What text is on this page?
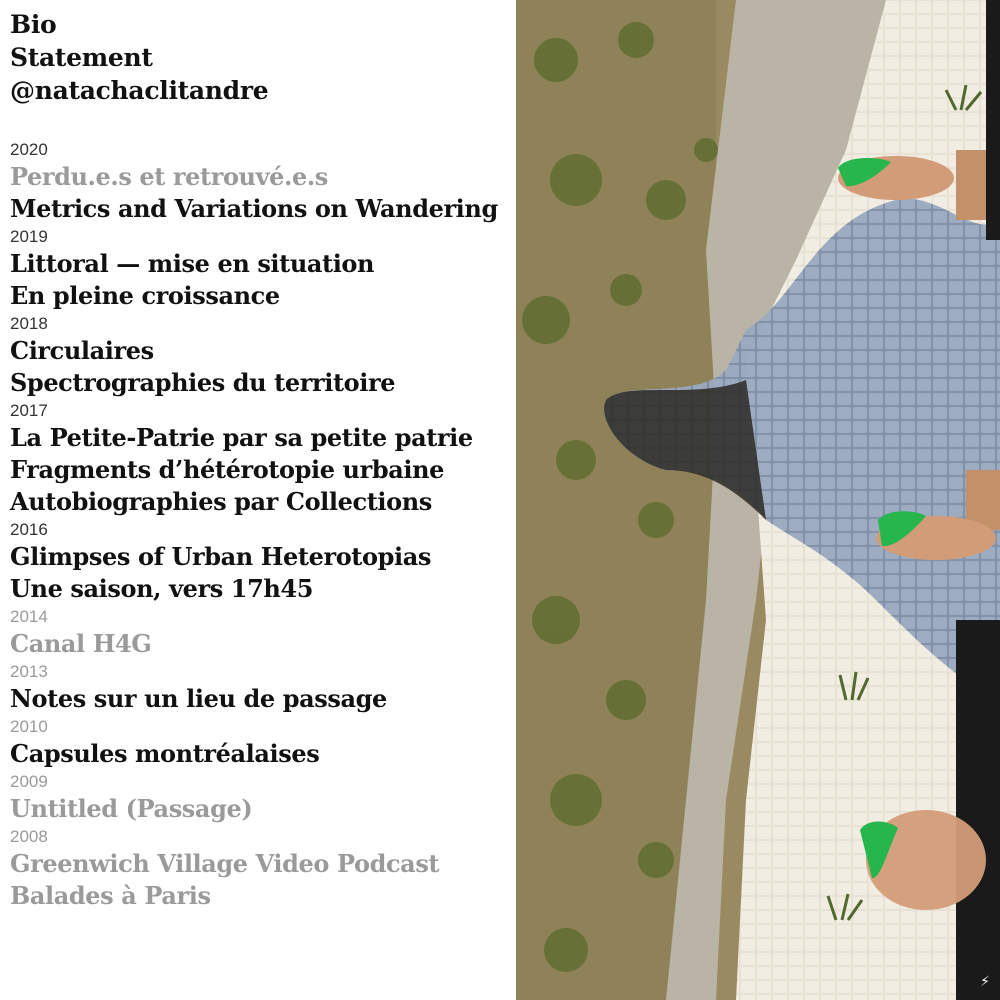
Bio
Statement
@natachaclitandre
2020
Perdu.e.s et retrouvé.e.s
Metrics and Variations on Wandering
2019
Littoral — mise en situation
En pleine croissance
2018
Circulaires
Spectrographies du territoire
2017
La Petite-Patrie par sa petite patrie
Fragments d’hétérotopie urbaine
Autobiographies par Collections
2016
Glimpses of Urban Heterotopias
Une saison, vers 17h45
2014
Canal H4G
2013
Notes sur un lieu de passage
2010
Capsules montréalaises
2009
Untitled (Passage)
2008
Greenwich Village Video Podcast
Balades à Paris
⚡
